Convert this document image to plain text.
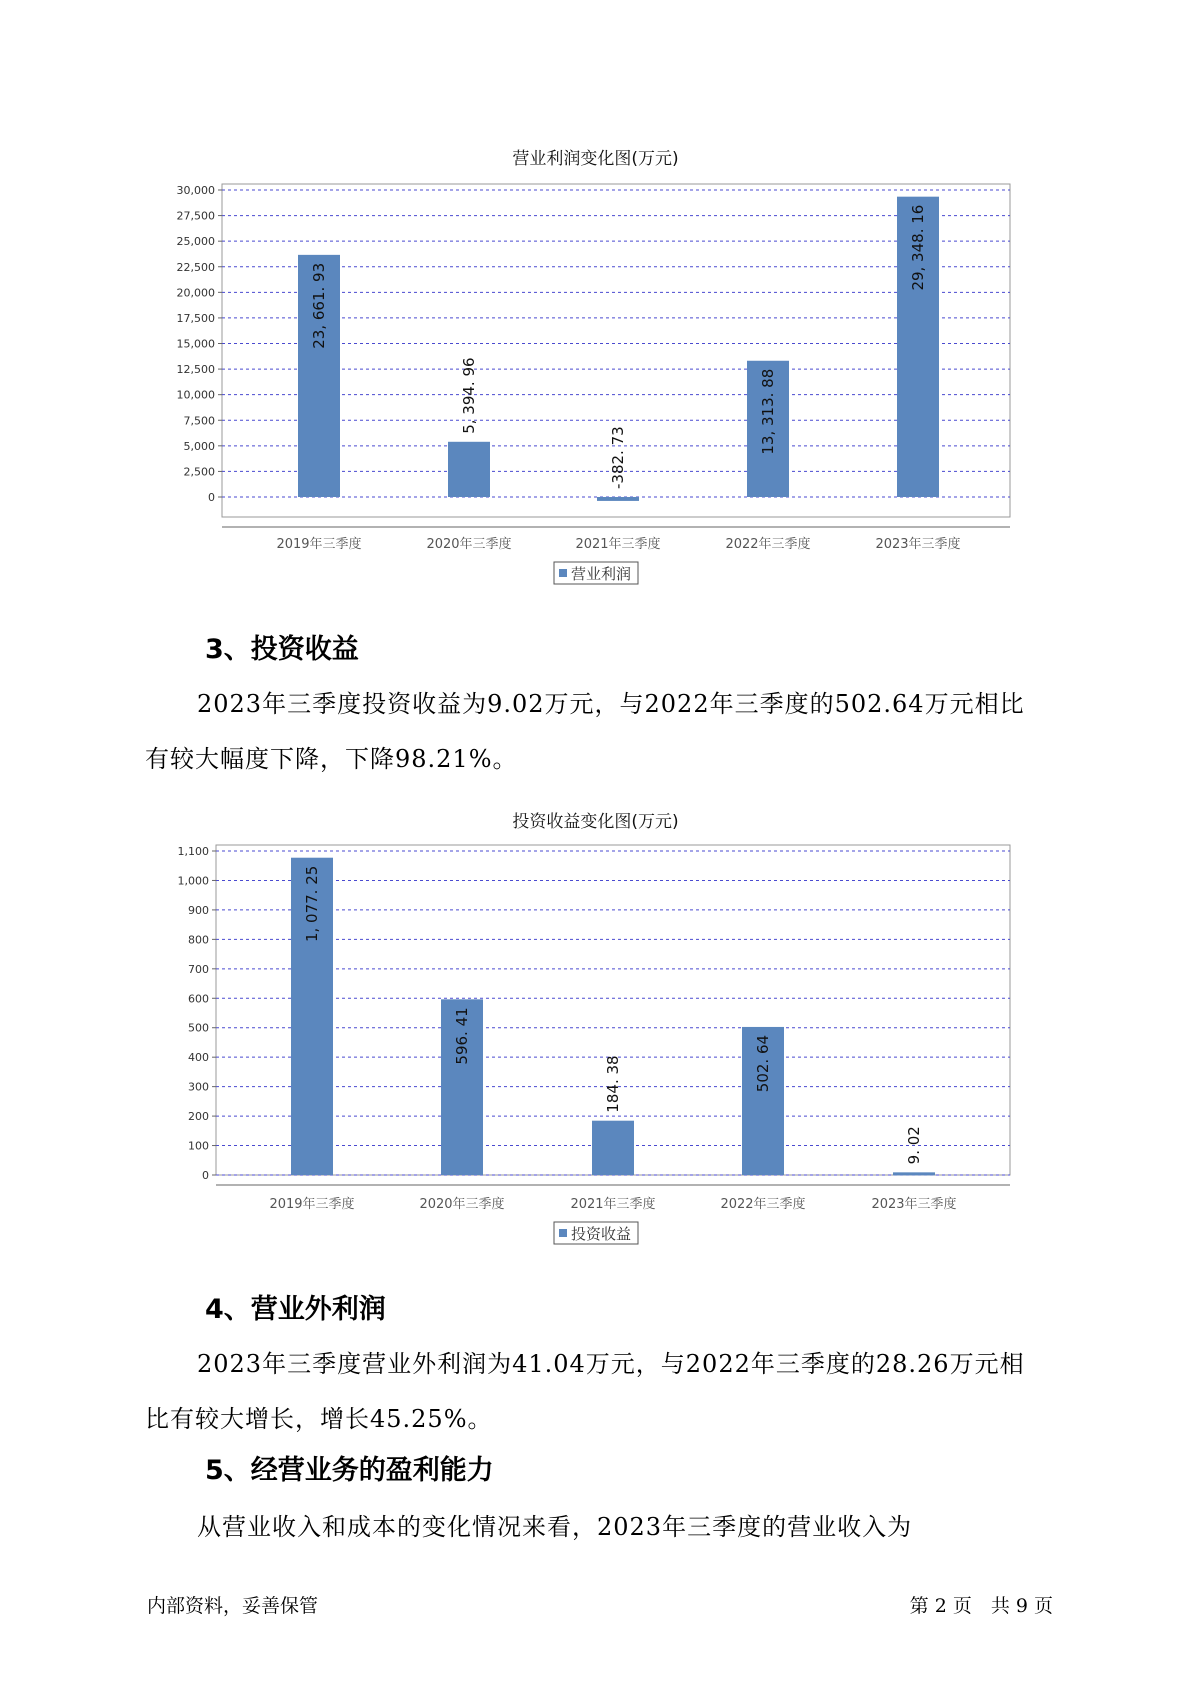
营业利润变化图(万元)
0
2,500
5,000
7,500
10,000
12,500
15,000
17,500
20,000
22,500
25,000
27,500
30,000
23, 661. 93
2019年三季度
5, 394. 96
2020年三季度
-382. 73
2021年三季度
13, 313. 88
2022年三季度
29, 348. 16
2023年三季度
营业利润
3、投资收益
2023年三季度投资收益为9.02万元，与2022年三季度的502.64万元相比有较大幅度下降，下降98.21%。
投资收益变化图(万元)
0
100
200
300
400
500
600
700
800
900
1,000
1,100
1, 077. 25
2019年三季度
596. 41
2020年三季度
184. 38
2021年三季度
502. 64
2022年三季度
9. 02
2023年三季度
投资收益
4、营业外利润
2023年三季度营业外利润为41.04万元，与2022年三季度的28.26万元相比有较大增长，增长45.25%。
5、经营业务的盈利能力
从营业收入和成本的变化情况来看，2023年三季度的营业收入为
内部资料，妥善保管	第 2 页　共 9 页
